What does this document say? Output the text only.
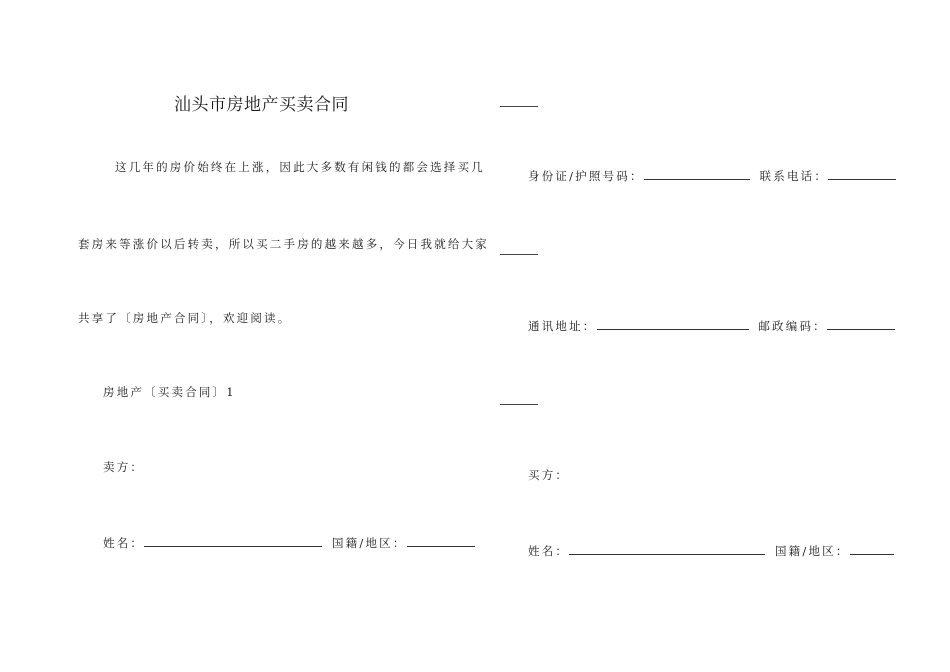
汕头市房地产买卖合同
这几年的房价始终在上涨，因此大多数有闲钱的都会选择买几
套房来等涨价以后转卖，所以买二手房的越来越多，今日我就给大家
共享了〔房地产合同〕，欢迎阅读。
房地产〔买卖合同〕1
卖方：
姓名：	国籍/地区：
身份证/护照号码：	联系电话：
通讯地址：	邮政编码：
买方：
姓名：	国籍/地区：
